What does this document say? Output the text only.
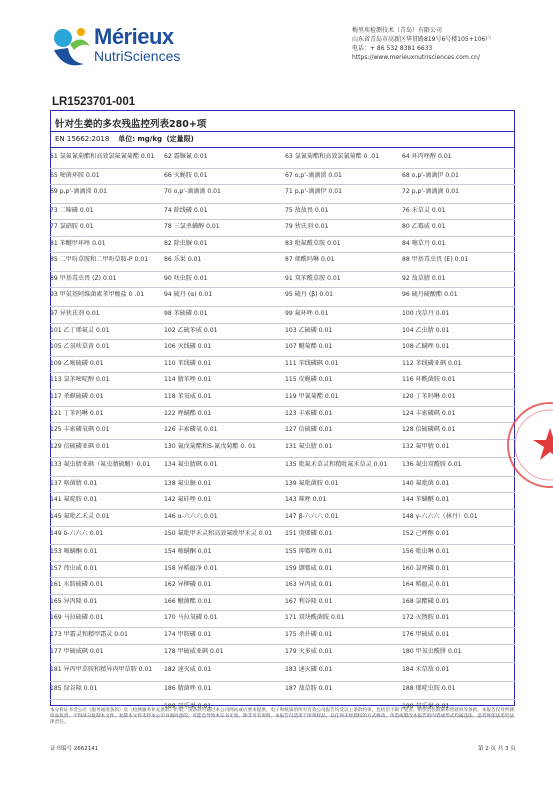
Mérieux
NutriSciences
梅里埃检测技术（青岛）有限公司
山东省青岛市高新区华贯路819号6号楼105+106户
电话：+ 86 532 8381 6633
https://www.merieuxnutrisciences.com.cn/
LR1523701-001
针对生姜的多农残监控列表280+项
EN 15662:2018 单位: mg/kg (定量限)
61 氯氟氰菊酯和高效氯氟氰菊酯 0.01	62 霜脲氰 0.01	63 氯氰菊酯和高效氯氰菊酯 0 .01	64 环丙唑醇 0.01
65 嘧菌环胺 0.01	66 灭蝇胺 0.01	67 o,p'-滴滴涕 0.01	68 o,p'-滴滴伊 0.01
69 p,p'-滴滴涕 0.01	70 o,p'-滴滴滴 0.01	71 p,p'-滴滴伊 0.01	72 p,p'-滴滴滴 0.01
73 二嗪磷 0.01	74 除线磷 0.01	75 敌敌畏 0.01	76 禾草灵 0.01
77 氯硝胺 0.01	78 三氯杀螨醇 0.01	79 狄氏剂 0.01	80 乙霉威 0.01
81 苯醚甲环唑 0.01	82 除虫脲 0.01	83 吡氟酰草胺 0.01	84 噻草丹 0.01
85 二甲吩草胺和二甲吩草胺-P 0.01	86 乐果 0.01	87 烯酰吗啉 0.01	88 甲基毒虫畏 (E) 0.01
89 甲基毒虫畏 (Z) 0.01	90 呋虫胺 0.01	91 双苯酰草胺 0.01	92 敌草腈 0.01
93 甲氨基阿维菌素苯甲酸盐 0 .01	94 硫丹 (α) 0.01	95 硫丹 (β) 0.01	96 硫丹硫酸酯 0.01
97 异狄氏剂 0.01	98 苯硫磷 0.01	99 氟环唑 0.01	100 戊草丹 0.01
101 乙丁烯氟灵 0.01	102 乙硫苯威 0.01	103 乙硫磷 0.01	104 乙虫腈 0.01
105 乙氧呋草黄 0.01	106 灭线磷 0.01	107 醚菊酯 0.01	108 乙螨唑 0.01
109 乙嘧硫磷 0.01	110 苯线磷 0.01	111 苯线磷砜 0.01	112 苯线磷亚砜 0.01
113 氯苯嘧啶醇 0.01	114 腈苯唑 0.01	115 皮蝇磷 0.01	116 环酰菌胺 0.01
117 杀螟硫磷 0.01	118 苯氧威 0.01	119 甲氰菊酯 0.01	120 丁苯吗啉 0.01
121 丁苯吗啉 0.01	122 唑螨酯 0.01	123 丰索磷 0.01	124 丰索磷砜 0.01
125 丰索磷氧砜 0.01	126 丰索磷氧 0.01	127 倍硫磷 0.01	128 倍硫磷砜 0.01
129 倍硫磷亚砜 0.01	130 氰戊菊酯和S-氰戊菊酯 0. 01	131 氟虫腈 0.01	132 氟甲腈 0.01
133 氟虫腈亚砜（氟虫腈硫醚）0.01	134 氟虫腈砜 0.01	135 吡氟禾草灵和精吡氟禾草灵 0.01	136 氟虫双酰胺 0.01
137 咯菌腈 0.01	138 氟虫脲 0.01	139 氟吡菌胺 0.01	140 氟吡菌 0.01
141 氟啶胺 0.01	142 氟硅唑 0.01	143 咪唑 0.01	144 苯螨醚 0.01
145 氟吡乙禾灵 0.01	146 α-六六六 0.01	147 β-六六六 0.01	148 γ-六六六（林丹）0.01
149 δ-六六六 0.01	150 氟吡甲禾灵和高效氟吡甲禾灵 0.01	151 庚烯磷 0.01	152 己唑醇 0.01
153 噻螨酮 0.01	154 噻螨酮 0.01	155 抑霉唑 0.01	156 吡虫啉 0.01
157 茚虫威 0.01	158 异稻瘟净 0.01	159 缬霉威 0.01	160 氯唑磷 0.01
161 水胺硫磷 0.01	162 异柳磷 0.01	163 异丙威 0.01	164 稻瘟灵 0.01
165 异丙隆 0.01	166 醚菌酯 0.01	167 利谷隆 0.01	168 氯酯磺 0.01
169 马拉硫磷 0.01	170 马拉氧磷 0.01	171 双炔酰菌胺 0.01	172 灭锈胺 0.01
173 甲霜灵和精甲霜灵 0.01	174 甲胺磷 0.01	175 杀扑磷 0.01	176 甲硫威 0.01
177 甲硫威砜 0.01	178 甲硫威亚砜 0.01	179 灭多威 0.01	180 甲氧虫酰肼 0.01
181 异丙甲草胺和精异丙甲草胺 0.01	182 速灭威 0.01	183 速灭磷 0.01	184 禾草敌 0.01
185 绿谷隆 0.01	186 腈菌唑 0.01	187 敌草胺 0.01	188 烯啶虫胺 0.01
189 氧乐果 0.01	190 氧乐果 0.01
本分析证书受公司《服务通用条款》及《检测服务补充条款》约束，该条款可通过本公司网站或应要求提供。电子和纸质的所有有效公司报告均受以上条款约束，包括但不限于免责、赔偿责任限制和管辖权等条款。本报告仅对所测样品负责，不得部分复制本文件。复制本文件未经本公司书面同意的，可能会导致本证书无效。除非另有说明，本报告仅适用于所列样品。以任何未经授权的方式修改、伪造或篡改本报告的内容或形式均属违法，违者将依法追究法律责任。
证书编号 2662141	第 2 页 共 3 页
